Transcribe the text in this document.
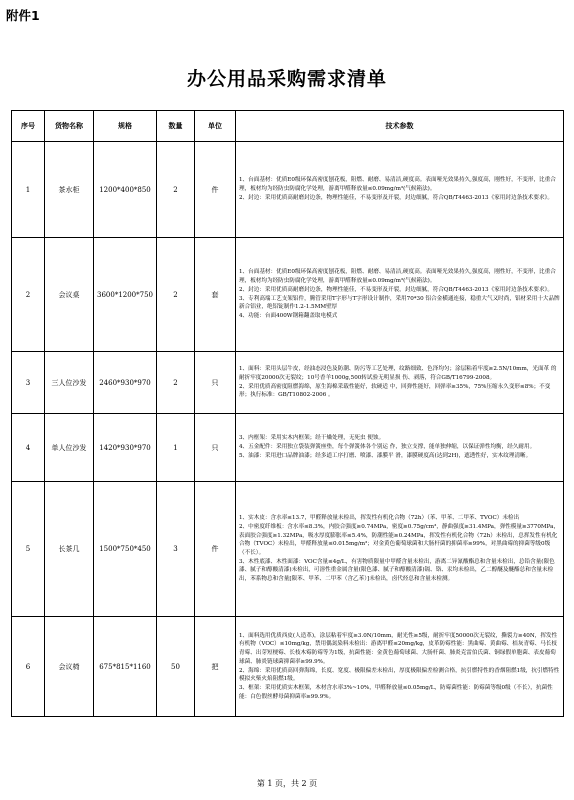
附件1
办公用品采购需求清单
序号	货物名称	规格	数量	单位	技术参数
1	茶水柜	1200*400*850	2	件	1、台面基材：优质E0级环保高密度刨花板，阻燃、耐磨、易清洁,硬度高。表面哑光效果持久,强度高，刚性好，不变形，比重合理，板材均为经防虫防腐化学处理，游离甲醛释放量≤0.09mg/m³(气候箱法)。
2、封边：采用优质高耐磨封边条，物理性能佳，不易变形及开裂，封边细腻，符合QB/T4463-2013《家用封边条技术要求》。

2	会议桌	3600*1200*750	2	套	1、台面基材：优质E0级环保高密度刨花板，阻燃、耐磨、易清洁,硬度高。表面哑光效果持久,强度高，刚性好，不变形，比重合理，板材均为经防虫防腐化学处理，游离甲醛释放量≤0.09mg/m³(气候箱法)。
2、封边：采用优质高耐磨封边条，物理性能佳，不易变形及开裂，封边细腻，符合QB/T4463-2013《家用封边条技术要求》。
3、专利高端工艺支架铝件，腾管采用T字形与T字形设计制作，采用70*30 铝合金横通连接，稳重大气又时尚，铝材采用十大品牌新合铝业，绝铝锭制作1.2-1.5MM壁厚
4、功能：台面400W钢箱翻盖取电模式

3	三人位沙发	2460*930*970	2	只	1、面料：采用头层牛皮，经油态浸色及防潮、防污等工艺处理，纹路细致、色泽均匀；涂层粘着牢度≥2.5N/10mm，光面革 的耐折牢度20000次无裂纹；10号香羊1000g,500转试验无明显损 伤、剥落，符合GB/T16799-2008。
2、采用优质高密度阻燃海绵，原生海棉采载性能好，软硬适 中，回弹性能好，回弹率≥35%，75%压缩永久变形≤8%；不变 形；执行标准：GB/T10802-2006 。

4	单人位沙发	1420*930*970	1	只	3、内框架：采用实木内框架；经干燥处理，无死虫 便蚀。
4、五金配件：采用独立袋装弹簧座垫，每个弹簧体各个别运 作，独立支撑，能单独伸缩，以保证弹性均衡，经久耐用。
5、油漆：采用进口品牌油漆；经多道工序打磨、喷漆、漆膜平 滑，漆膜硬度高(达到2H)，遮透性好，实木纹理清晰。

5	长茶几	1500*750*450	3	件	1、实木皮：含水率≤13.7，甲醛释放量未检出，挥发性有机化合物（72h）（苯、甲苯、二甲苯、TVOC）未检出
2、中密度纤维板：含水率≤8.3%，内胶合强度≥0.74MPa，密度≥0.75g/cm³，静曲强度≥31.4MPa，弹性模量≥3770MPa，表面胶合强度≥1.32MPa，吸水厚度膨胀率≤5.4%，防潮性能≥0.24MPa，挥发性有机化合物（72h）未检出，总挥发性有机化合物（TVOC）未检出，甲醛释放量≤0.015mg/m³；对金黄色葡萄球菌和大肠杆菌的抑菌率≥99%，对黑曲霉的抑菌等级0级（不长）。
3、木性底漆、木性面漆：VOC含量≤4g/L，有害物质限量中甲醛含量未检出，游离二异氰酸酯总和含量未检出，总铅含量(限色漆、腻子和醇酸清漆)未检出，可溶性重金属含量(限色漆、腻子和醇酸清漆)镉、铬、汞均未检出，乙二醇醚及醚酯总和含量未检出，苯系物总和含量[限苯、甲苯、二甲苯（含乙苯）]未检出，卤代烃总和含量未检测。

6	会议椅	675*815*1160	50	把	1、面料选用优质西皮(人造革)，涂层粘着牢度≥3.0N/10mm，耐光性≥5级，耐折牢度50000次无裂纹，撕裂力≥40N，挥发性有机物（VOC）≤10mg/kg，禁用偶氮染料未检出：游离甲醛≤20mg/kg，皮革防霉性能：黑曲霉、黄曲霉、桔灰青霉、马长枝青霉、出芽短梗霉、长枝木霉防霉等为1级，抗菌性能：金黄色葡萄球菌、大肠杆菌、肺炎克雷伯氏菌、铜绿假单胞菌、表皮葡萄球菌、肺炎链球菌抑菌率≥99.9%。
2、海绵：采用优质高回弹海绵，长度、宽度、极限偏差未检出，厚度极限偏差检测合格，抗引燃特性的香烟阻燃1级，抗引燃特性模拟火柴火焰阻燃1级。
3、框架：采用优质实木框架，木材含水率3%~10%，甲醛释放量≤0.05mg/L，防霉菌性能：防霉菌等级0级（不长），抗菌性能：白色假丝酵母菌抑菌率≥99.9%。
第 1 页，共 2 页
